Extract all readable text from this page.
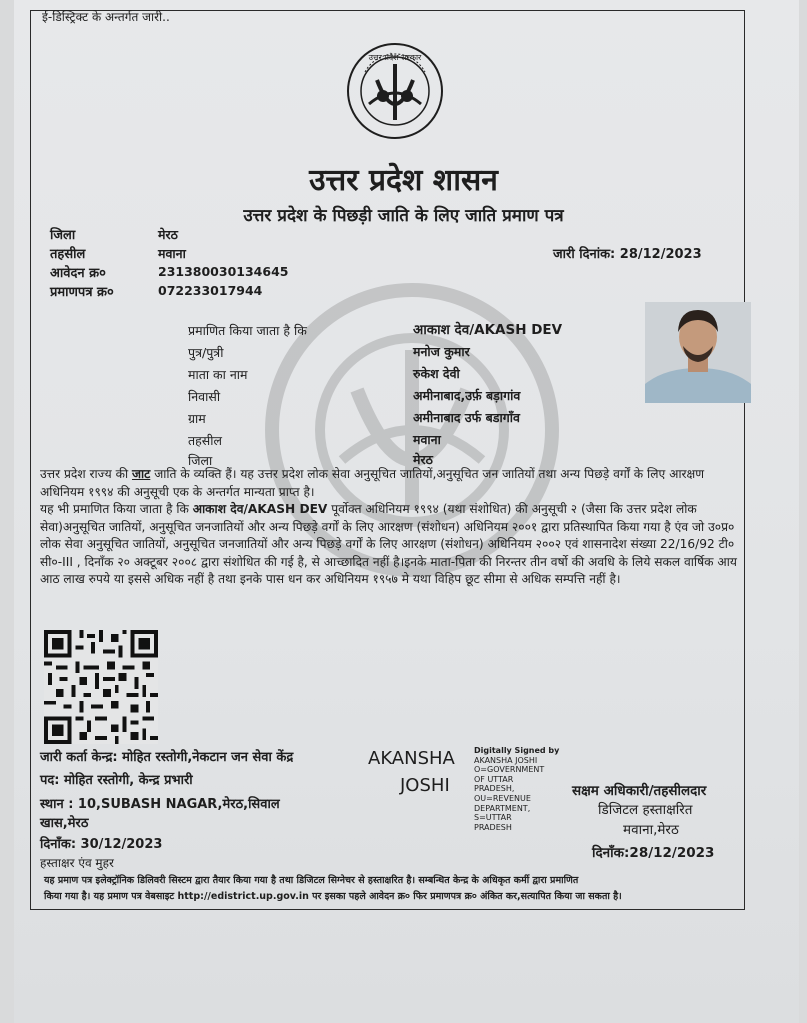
ई-डिस्ट्रिक्ट के अन्तर्गत जारी..
उत्तर प्रदेश सरकार
उत्तर प्रदेश शासन
उत्तर प्रदेश के पिछड़ी जाति के लिए जाति प्रमाण पत्र
जिला	मेरठ
तहसील	मवाना
आवेदन क्र०	231380030134645
प्रमाणपत्र क्र०	072233017944
जारी दिनांक: 28/12/2023
प्रमाणित किया जाता है कि	आकाश देव/AKASH DEV
पुत्र/पुत्री	मनोज कुमार
माता का नाम	रुकेश देवी
निवासी	अमीनाबाद,उर्फ़ बड़ागांव
ग्राम	अमीनाबाद उर्फ बडागाँव
तहसील	मवाना
जिला	मेरठ

उत्तर प्रदेश राज्य की जाट जाति के व्यक्ति हैं। यह उत्तर प्रदेश लोक सेवा अनुसूचित जातियों,अनुसूचित जन जातियों तथा अन्य पिछड़े वर्गों के लिए आरक्षण अधिनियम १९९४ की अनुसूची एक के अन्तर्गत मान्यता प्राप्त है।

यह भी प्रमाणित किया जाता है कि आकाश देव/AKASH DEV पूर्वोक्त अधिनियम १९९४ (यथा संशोधित) की अनुसूची २ (जैसा कि उत्तर प्रदेश लोक सेवा)अनुसूचित जातियों, अनुसूचित जनजातियों और अन्य पिछड़े वर्गों के लिए आरक्षण (संशोधन) अधिनियम २००१ द्वारा प्रतिस्थापित किया गया है एंव जो उ०प्र० लोक सेवा अनुसूचित जातियों, अनुसूचित जनजातियों और अन्य पिछड़े वर्गों के लिए आरक्षण (संशोधन) अधिनियम २००२ एवं शासनादेश संख्या 22/16/92 टी० सी०-III , दिनाँक २० अक्टूबर २००८ द्वारा संशोधित की गई है, से आच्छादित नहीं है।इनके माता-पिता की निरन्तर तीन वर्षो की अवधि के लिये सकल वार्षिक आय आठ लाख रुपये या इससे अधिक नहीं है तथा इनके पास धन कर अधिनियम १९५७ मे यथा विहिप छूट सीमा से अधिक सम्पत्ति नहीं है।

जारी कर्ता केन्द्र: मोहित रस्तोगी,नेकटान जन सेवा केंद्र
पद: मोहित रस्तोगी, केन्द्र प्रभारी
स्थान : 10,SUBASH NAGAR,मेरठ,सिवाल
खास,मेरठ
दिनाँक: 30/12/2023
हस्ताक्षर एंव मुहर
AKANSHA
JOSHI
Digitally Signed by
AKANSHA JOSHI
O=GOVERNMENT
OF UTTAR
PRADESH,
OU=REVENUE
DEPARTMENT,
S=UTTAR
PRADESH
सक्षम अधिकारी/तहसीलदार
डिजिटल हस्ताक्षरित
मवाना,मेरठ
दिनाँक:28/12/2023
यह प्रमाण पत्र इलेक्ट्रॉनिक डिलिवरी सिस्टम द्वारा तैयार किया गया है तथा डिजिटल सिग्नेचर से हस्ताक्षरित है। सम्बन्धित केन्द्र के अधिकृत कर्मी द्वारा प्रमाणित
किया गया है। यह प्रमाण पत्र वेबसाइट http://edistrict.up.gov.in पर इसका पहले आवेदन क्र० फिर प्रमाणपत्र क्र० अंकित कर,सत्यापित किया जा सकता है।
